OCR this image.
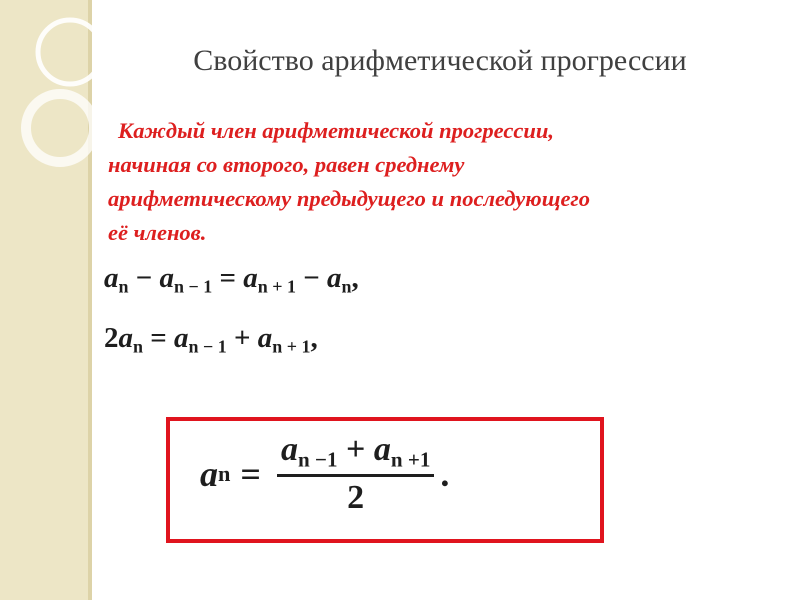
Свойство арифметической прогрессии
Каждый член арифметической прогрессии,
начиная со второго, равен среднему
арифметическому предыдущего и последующего
её членов.
$a_n - a_{n - 1} = a_{n + 1} - a_n$,
$2a_n = a_{n - 1} + a_{n + 1}$,
a $n = \frac{a_{n -1} + a_{n +1}}{2}$ .
